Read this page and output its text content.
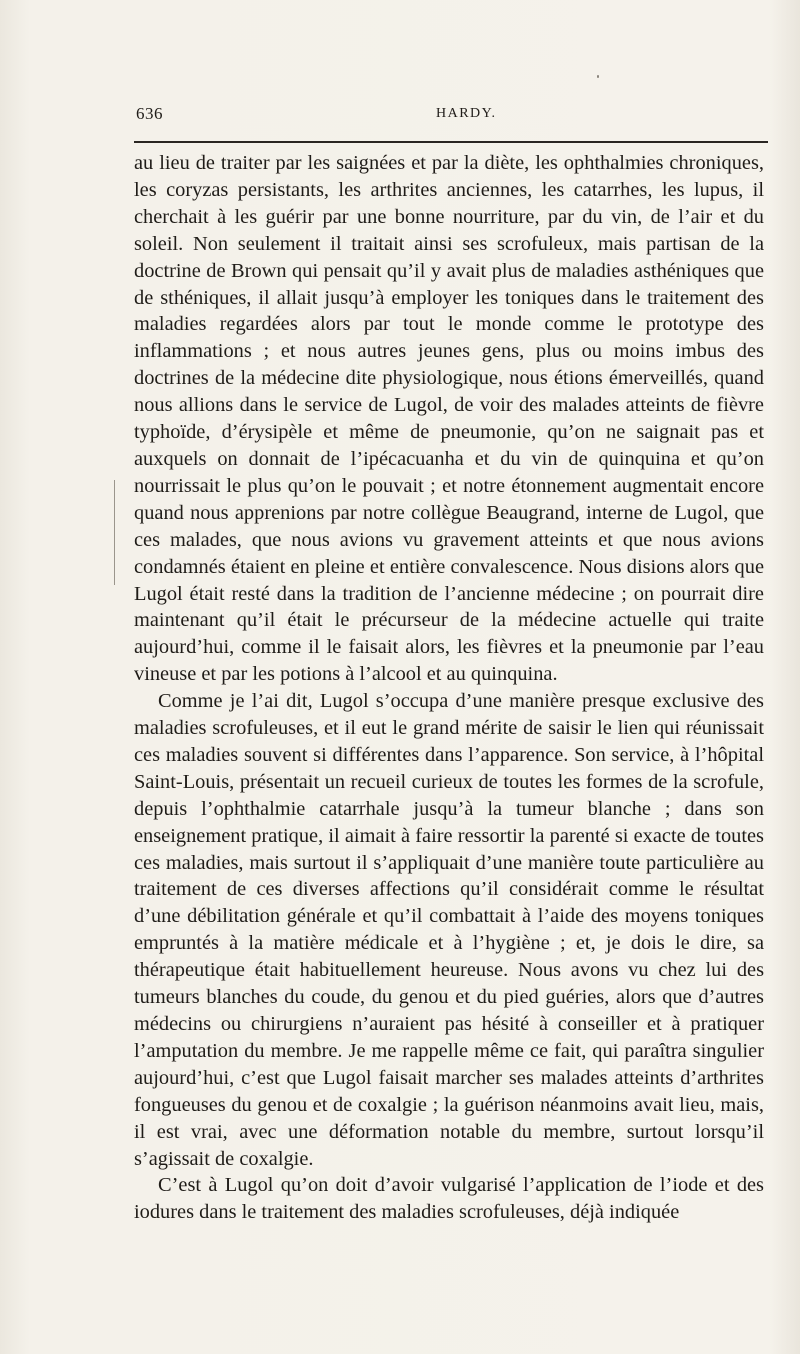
636	HARDY.

au lieu de traiter par les saignées et par la diète, les ophthalmies chroniques, les coryzas persistants, les arthrites anciennes, les catarrhes, les lupus, il cherchait à les guérir par une bonne nourriture, par du vin, de l’air et du soleil. Non seulement il traitait ainsi ses scrofuleux, mais partisan de la doctrine de Brown qui pensait qu’il y avait plus de maladies asthéniques que de sthéniques, il allait jusqu’à employer les toniques dans le traitement des maladies regardées alors par tout le monde comme le prototype des inflammations ; et nous autres jeunes gens, plus ou moins imbus des doctrines de la médecine dite physiologique, nous étions émerveillés, quand nous allions dans le service de Lugol, de voir des malades atteints de fièvre typhoïde, d’érysipèle et même de pneumonie, qu’on ne saignait pas et auxquels on donnait de l’ipécacuanha et du vin de quinquina et qu’on nourrissait le plus qu’on le pouvait ; et notre étonnement augmentait encore quand nous apprenions par notre collègue Beaugrand, interne de Lugol, que ces malades, que nous avions vu gravement atteints et que nous avions condamnés étaient en pleine et entière convalescence. Nous disions alors que Lugol était resté dans la tradition de l’ancienne médecine ; on pourrait dire maintenant qu’il était le précurseur de la médecine actuelle qui traite aujourd’hui, comme il le faisait alors, les fièvres et la pneumonie par l’eau vineuse et par les potions à l’alcool et au quinquina.

Comme je l’ai dit, Lugol s’occupa d’une manière presque exclusive des maladies scrofuleuses, et il eut le grand mérite de saisir le lien qui réunissait ces maladies souvent si différentes dans l’apparence. Son service, à l’hôpital Saint-Louis, présentait un recueil curieux de toutes les formes de la scrofule, depuis l’ophthalmie catarrhale jusqu’à la tumeur blanche ; dans son enseignement pratique, il aimait à faire ressortir la parenté si exacte de toutes ces maladies, mais surtout il s’appliquait d’une manière toute particulière au traitement de ces diverses affections qu’il considérait comme le résultat d’une débilitation générale et qu’il combattait à l’aide des moyens toniques empruntés à la matière médicale et à l’hygiène ; et, je dois le dire, sa thérapeutique était habituellement heureuse. Nous avons vu chez lui des tumeurs blanches du coude, du genou et du pied guéries, alors que d’autres médecins ou chirurgiens n’auraient pas hésité à conseiller et à pratiquer l’amputation du membre. Je me rappelle même ce fait, qui paraîtra singulier aujourd’hui, c’est que Lugol faisait marcher ses malades atteints d’arthrites fongueuses du genou et de coxalgie ; la guérison néanmoins avait lieu, mais, il est vrai, avec une déformation notable du membre, surtout lorsqu’il s’agissait de coxalgie.

C’est à Lugol qu’on doit d’avoir vulgarisé l’application de l’iode et des iodures dans le traitement des maladies scrofuleuses, déjà indiquée
